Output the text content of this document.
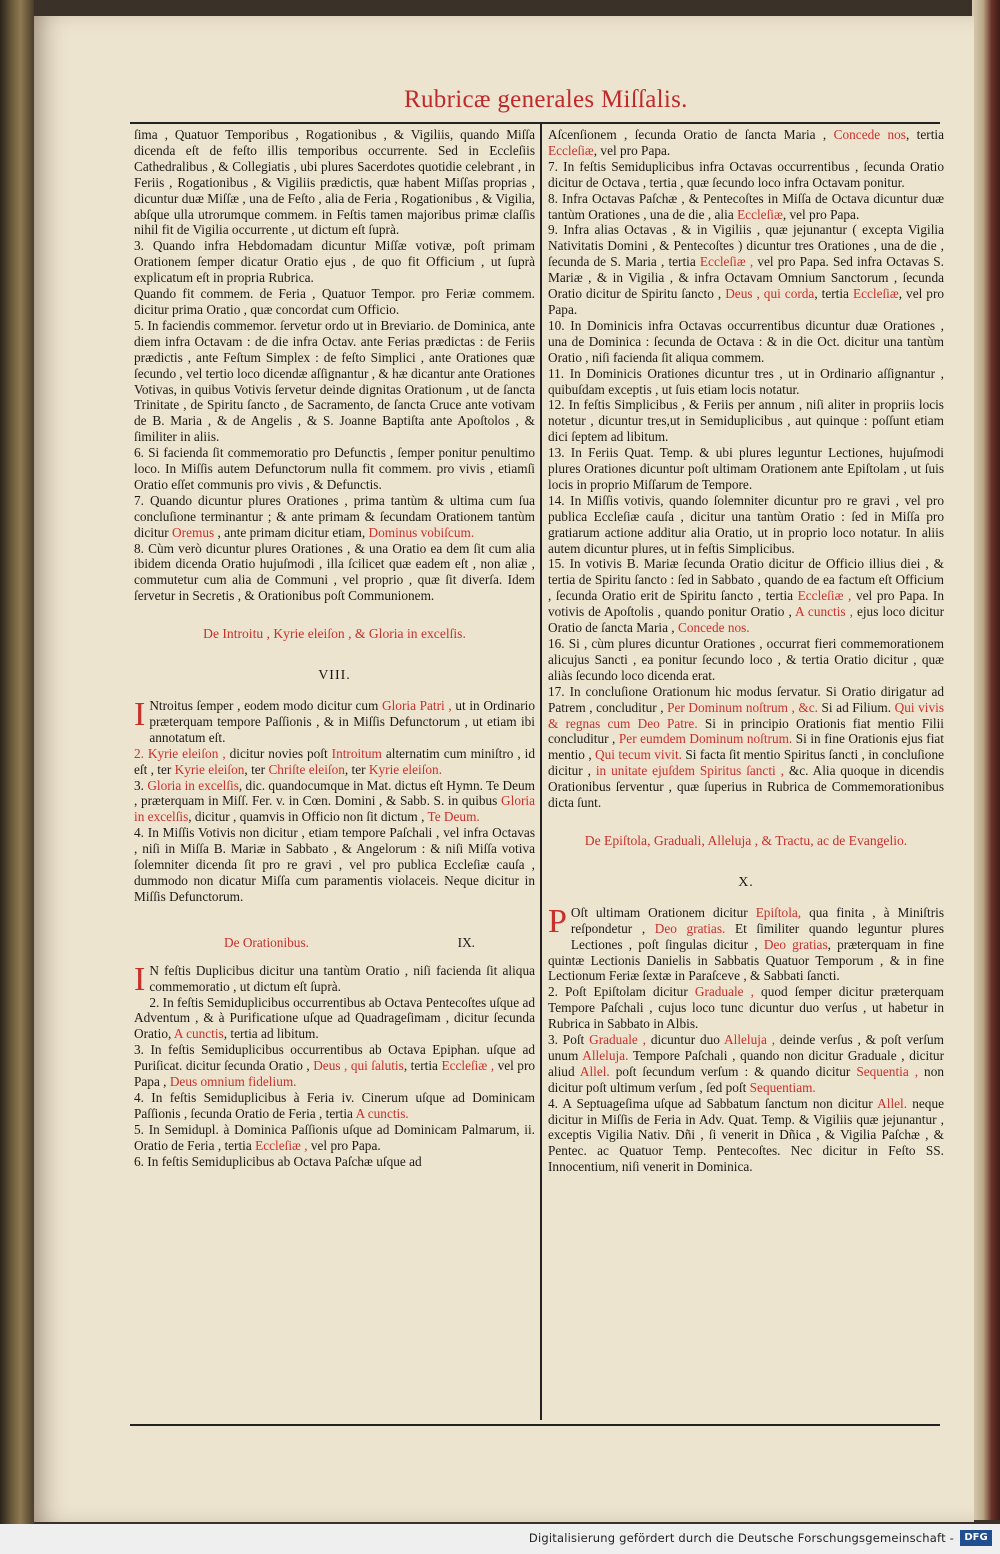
Rubricæ generales Miſſalis.

ſima , Quatuor Temporibus , Rogationibus , & Vigiliis, quando Miſſa dicenda eſt de feſto illis temporibus occurrente. Sed in Eccleſiis Cathedralibus , & Collegiatis , ubi plures Sacerdotes quotidie celebrant , in Feriis , Rogationibus , & Vigiliis prædictis, quæ habent Miſſas proprias , dicuntur duæ Miſſæ , una de Feſto , alia de Feria , Rogationibus , & Vigilia, abſque ulla utrorumque commem. in Feſtis tamen majoribus primæ claſſis nihil fit de Vigilia occurrente , ut dictum eſt ſuprà.

3. Quando infra Hebdomadam dicuntur Miſſæ votivæ, poſt primam Orationem ſemper dicatur Oratio ejus , de quo fit Officium , ut ſuprà explicatum eſt in propria Rubrica.

Quando fit commem. de Feria , Quatuor Tempor. pro Feriæ commem. dicitur prima Oratio , quæ concordat cum Officio.

5. In faciendis commemor. ſervetur ordo ut in Breviario. de Dominica, ante diem infra Octavam : de die infra Octav. ante Ferias prædictas : de Feriis prædictis , ante Feſtum Simplex : de feſto Simplici , ante Orationes quæ ſecundo , vel tertio loco dicendæ aſſignantur , & hæ dicantur ante Orationes Votivas, in quibus Votivis ſervetur deinde dignitas Orationum , ut de ſancta Trinitate , de Spiritu ſancto , de Sacramento, de ſancta Cruce ante votivam de B. Maria , & de Angelis , & S. Joanne Baptiſta ante Apoſtolos , & ſimiliter in aliis.

6. Si facienda ſit commemoratio pro Defunctis , ſemper ponitur penultimo loco. In Miſſis autem Defunctorum nulla fit commem. pro vivis , etiamſi Oratio eſſet communis pro vivis , & Defunctis.

7. Quando dicuntur plures Orationes , prima tantùm & ultima cum ſua concluſione terminantur ; & ante primam & ſecundam Orationem tantùm dicitur Oremus , ante primam dicitur etiam, Dominus vobiſcum.

8. Cùm verò dicuntur plures Orationes , & una Oratio ea dem ſit cum alia ibidem dicenda Oratio hujuſmodi , illa ſcilicet quæ eadem eſt , non aliæ , commutetur cum alia de Communi , vel proprio , quæ ſit diverſa. Idem ſervetur in Secretis , & Orationibus poſt Communionem.

De Introitu , Kyrie eleiſon , & Gloria in excelſis.
VIII.

I Ntroitus ſemper , eodem modo dicitur cum Gloria Patri , ut in Ordinario præterquam tempore Paſſionis , & in Miſſis Defunctorum , ut etiam ibi annotatum eſt.

2. Kyrie eleiſon , dicitur novies poſt Introitum alternatim cum miniſtro , id eſt , ter Kyrie eleiſon, ter Chriſte eleiſon, ter Kyrie eleiſon.

3. Gloria in excelſis, dic. quandocumque in Mat. dictus eſt Hymn. Te Deum , præterquam in Miſſ. Fer. v. in Cœn. Domini , & Sabb. S. in quibus Gloria in excelſis, dicitur , quamvis in Officio non ſit dictum , Te Deum.

4. In Miſſis Votivis non dicitur , etiam tempore Paſchali , vel infra Octavas , niſi in Miſſa B. Mariæ in Sabbato , & Angelorum : & niſi Miſſa votiva ſolemniter dicenda ſit pro re gravi , vel pro publica Eccleſiæ cauſa , dummodo non dicatur Miſſa cum paramentis violaceis. Neque dicitur in Miſſis Defunctorum.

De Orationibus.	IX.

I N feſtis Duplicibus dicitur una tantùm Oratio , niſi facienda ſit aliqua commemoratio , ut dictum eſt ſuprà.

2. In feſtis Semiduplicibus occurrentibus ab Octava Pentecoſtes uſque ad Adventum , & à Purificatione uſque ad Quadrageſimam , dicitur ſecunda Oratio, A cunctis, tertia ad libitum.

3. In feſtis Semiduplicibus occurrentibus ab Octava Epiphan. uſque ad Puriſicat. dicitur ſecunda Oratio , Deus , qui ſalutis, tertia Eccleſiæ , vel pro Papa , Deus omnium fidelium.

4. In feſtis Semiduplicibus à Feria iv. Cinerum uſque ad Dominicam Paſſionis , ſecunda Oratio de Feria , tertia A cunctis.

5. In Semidupl. à Dominica Paſſionis uſque ad Dominicam Palmarum, ii. Oratio de Feria , tertia Eccleſiæ , vel pro Papa.

6. In feſtis Semiduplicibus ab Octava Paſchæ uſque ad

Aſcenſionem , ſecunda Oratio de ſancta Maria , Concede nos, tertia Eccleſiæ, vel pro Papa.

7. In feſtis Semiduplicibus infra Octavas occurrentibus , ſecunda Oratio dicitur de Octava , tertia , quæ ſecundo loco infra Octavam ponitur.

8. Infra Octavas Paſchæ , & Pentecoſtes in Miſſa de Octava dicuntur duæ tantùm Orationes , una de die , alia Eccleſiæ, vel pro Papa.

9. Infra alias Octavas , & in Vigiliis , quæ jejunantur ( excepta Vigilia Nativitatis Domini , & Pentecoſtes ) dicuntur tres Orationes , una de die , ſecunda de S. Maria , tertia Eccleſiæ , vel pro Papa. Sed infra Octavas S. Mariæ , & in Vigilia , & infra Octavam Omnium Sanctorum , ſecunda Oratio dicitur de Spiritu ſancto , Deus , qui corda, tertia Eccleſiæ, vel pro Papa.

10. In Dominicis infra Octavas occurrentibus dicuntur duæ Orationes , una de Dominica : ſecunda de Octava : & in die Oct. dicitur una tantùm Oratio , niſi facienda ſit aliqua commem.

11. In Dominicis Orationes dicuntur tres , ut in Ordinario aſſignantur , quibuſdam exceptis , ut ſuis etiam locis notatur.

12. In feſtis Simplicibus , & Feriis per annum , niſi aliter in propriis locis notetur , dicuntur tres,ut in Semiduplicibus , aut quinque : poſſunt etiam dici ſeptem ad libitum.

13. In Feriis Quat. Temp. & ubi plures leguntur Lectiones, hujuſmodi plures Orationes dicuntur poſt ultimam Orationem ante Epiſtolam , ut ſuis locis in proprio Miſſarum de Tempore.

14. In Miſſis votivis, quando ſolemniter dicuntur pro re gravi , vel pro publica Eccleſiæ cauſa , dicitur una tantùm Oratio : ſed in Miſſa pro gratiarum actione additur alia Oratio, ut in proprio loco notatur. In aliis autem dicuntur plures, ut in feſtis Simplicibus.

15. In votivis B. Mariæ ſecunda Oratio dicitur de Officio illius diei , & tertia de Spiritu ſancto : ſed in Sabbato , quando de ea factum eſt Officium , ſecunda Oratio erit de Spiritu ſancto , tertia Eccleſiæ , vel pro Papa. In votivis de Apoſtolis , quando ponitur Oratio , A cunctis , ejus loco dicitur Oratio de ſancta Maria , Concede nos.

16. Si , cùm plures dicuntur Orationes , occurrat fieri commemorationem alicujus Sancti , ea ponitur ſecundo loco , & tertia Oratio dicitur , quæ aliàs ſecundo loco dicenda erat.

17. In concluſione Orationum hic modus ſervatur. Si Oratio dirigatur ad Patrem , concluditur , Per Dominum noſtrum , &c. Si ad Filium. Qui vivis & regnas cum Deo Patre. Si in principio Orationis fiat mentio Filii concluditur , Per eumdem Dominum noſtrum. Si in fine Orationis ejus fiat mentio , Qui tecum vivit. Si facta ſit mentio Spiritus ſancti , in concluſione dicitur , in unitate ejuſdem Spiritus ſancti , &c. Alia quoque in dicendis Orationibus ſerventur , quæ ſuperius in Rubrica de Commemorationibus dicta ſunt.

De Epiſtola, Graduali, Alleluja , & Tractu, ac de Evangelio.
X.

P Oſt ultimam Orationem dicitur Epiſtola, qua finita , à Miniſtris reſpondetur , Deo gratias. Et ſimiliter quando leguntur plures Lectiones , poſt ſingulas dicitur , Deo gratias, præterquam in fine quintæ Lectionis Danielis in Sabbatis Quatuor Temporum , & in fine Lectionum Feriæ ſextæ in Paraſceve , & Sabbati ſancti.

2. Poſt Epiſtolam dicitur Graduale , quod ſemper dicitur præterquam Tempore Paſchali , cujus loco tunc dicuntur duo verſus , ut habetur in Rubrica in Sabbato in Albis.

3. Poſt Graduale , dicuntur duo Alleluja , deinde verſus , & poſt verſum unum Alleluja. Tempore Paſchali , quando non dicitur Graduale , dicitur aliud Allel. poſt ſecundum verſum : & quando dicitur Sequentia , non dicitur poſt ultimum verſum , ſed poſt Sequentiam.

4. A Septuageſima uſque ad Sabbatum ſanctum non dicitur Allel. neque dicitur in Miſſis de Feria in Adv. Quat. Temp. & Vigiliis quæ jejunantur , exceptis Vigilia Nativ. Dñi , ſi venerit in Dñica , & Vigilia Paſchæ , & Pentec. ac Quatuor Temp. Pentecoſtes. Nec dicitur in Feſto SS. Innocentium, niſi venerit in Dominica.

Digitalisierung gefördert durch die Deutsche Forschungsgemeinschaft -	DFG
